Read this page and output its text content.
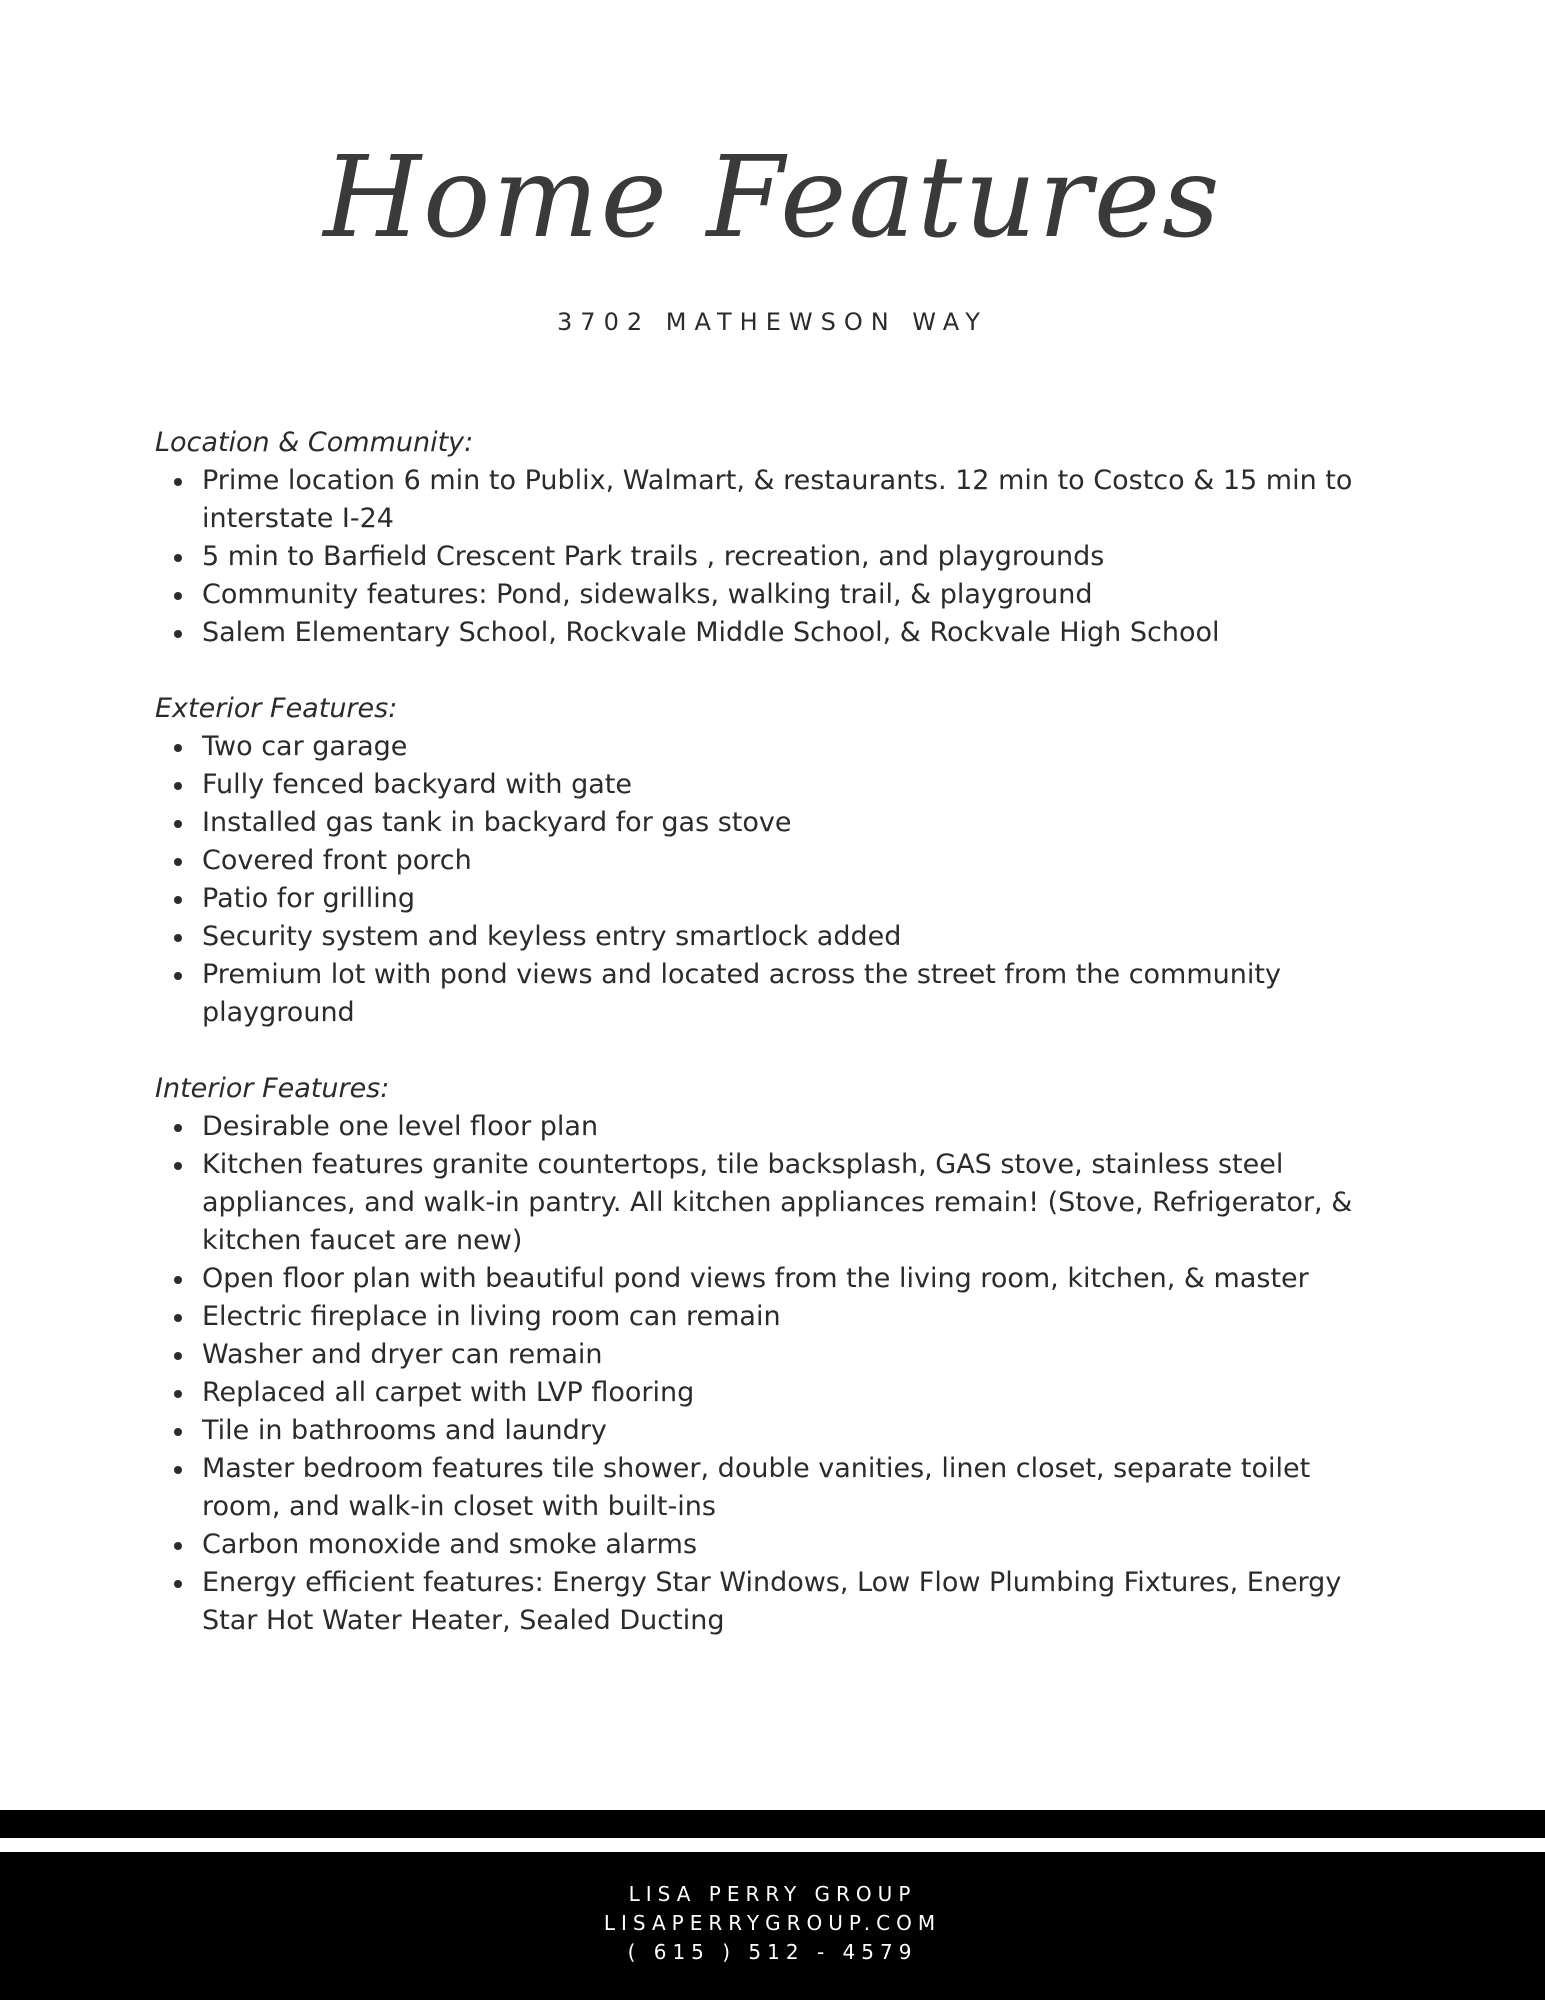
Home Features
3702 MATHEWSON WAY
Location & Community:
Prime location 6 min to Publix, Walmart, & restaurants. 12 min to Costco & 15 min to interstate I-24
5 min to Barfield Crescent Park trails , recreation, and playgrounds
Community features: Pond, sidewalks, walking trail, & playground
Salem Elementary School, Rockvale Middle School, & Rockvale High School
Exterior Features:
Two car garage
Fully fenced backyard with gate
Installed gas tank in backyard for gas stove
Covered front porch
Patio for grilling
Security system and keyless entry smartlock added
Premium lot with pond views and located across the street from the community playground
Interior Features:
Desirable one level floor plan
Kitchen features granite countertops, tile backsplash, GAS stove, stainless steel appliances, and walk-in pantry. All kitchen appliances remain! (Stove, Refrigerator, & kitchen faucet are new)
Open floor plan with beautiful pond views from the living room, kitchen, & master
Electric fireplace in living room can remain
Washer and dryer can remain
Replaced all carpet with LVP flooring
Tile in bathrooms and laundry
Master bedroom features tile shower, double vanities, linen closet, separate toilet room, and walk-in closet with built-ins
Carbon monoxide and smoke alarms
Energy efficient features: Energy Star Windows, Low Flow Plumbing Fixtures, Energy Star Hot Water Heater, Sealed Ducting
LISA PERRY GROUP
LISAPERRYGROUP.COM
( 615 ) 512 - 4579
